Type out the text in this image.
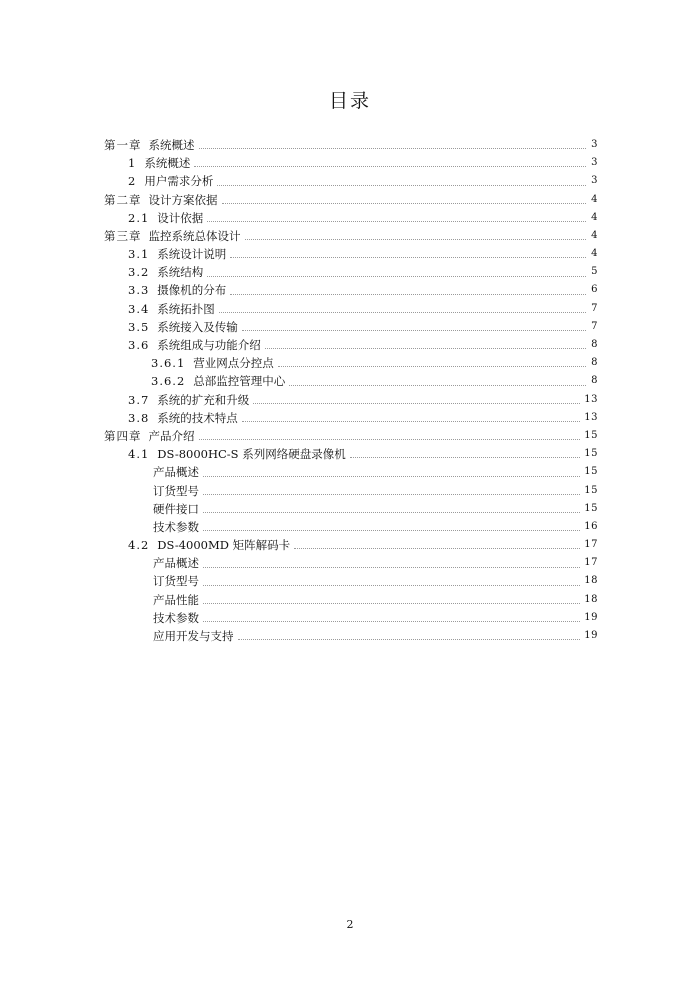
目录
第一章 系统概述	3
1 系统概述	3
2 用户需求分析	3
第二章 设计方案依据	4
2.1 设计依据	4
第三章 监控系统总体设计	4
3.1 系统设计说明	4
3.2 系统结构	5
3.3 摄像机的分布	6
3.4 系统拓扑图	7
3.5 系统接入及传输	7
3.6 系统组成与功能介绍	8
3.6.1 营业网点分控点	8
3.6.2 总部监控管理中心	8
3.7 系统的扩充和升级	13
3.8 系统的技术特点	13
第四章 产品介绍	15
4.1 DS-8000HC-S 系列网络硬盘录像机	15
产品概述	15
订货型号	15
硬件接口	15
技术参数	16
4.2 DS-4000MD 矩阵解码卡	17
产品概述	17
订货型号	18
产品性能	18
技术参数	19
应用开发与支持	19
2
